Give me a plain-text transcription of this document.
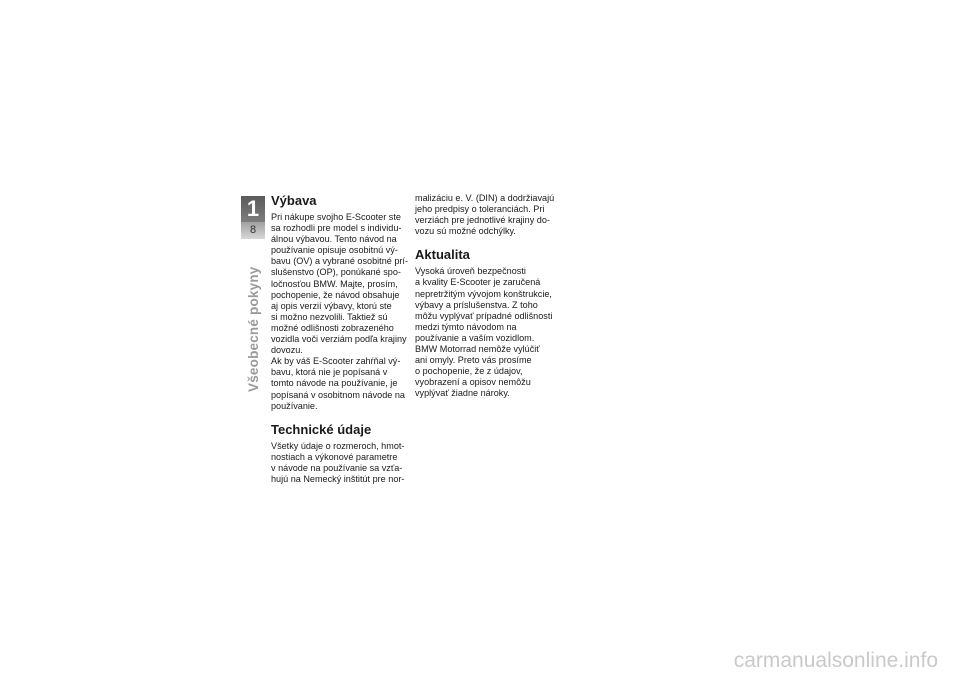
1
8
Všeobecné pokyny
Výbava
Pri nákupe svojho E-Scooter ste
sa rozhodli pre model s individu-
álnou výbavou. Tento návod na
používanie opisuje osobitnú vý-
bavu (OV) a vybrané osobitné prí-
slušenstvo (OP), ponúkané spo-
ločnosťou BMW. Majte, prosím,
pochopenie, že návod obsahuje
aj opis verzií výbavy, ktorú ste
si možno nezvolili. Taktiež sú
možné odlišnosti zobrazeného
vozidla voči verziám podľa krajiny
dovozu.
Ak by váš E-Scooter zahŕňal vý-
bavu, ktorá nie je popísaná v
tomto návode na používanie, je
popísaná v osobitnom návode na
používanie.
Technické údaje
Všetky údaje o rozmeroch, hmot-
nostiach a výkonové parametre
v návode na používanie sa vzťa-
hujú na Nemecký inštitút pre nor-
malizáciu e. V. (DIN) a dodržiavajú
jeho predpisy o toleranciách. Pri
verziách pre jednotlivé krajiny do-
vozu sú možné odchýlky.
Aktualita
Vysoká úroveň bezpečnosti
a kvality E-Scooter je zaručená
nepretržitým vývojom konštrukcie,
výbavy a príslušenstva. Z toho
môžu vyplývať prípadné odlišnosti
medzi týmto návodom na
používanie a vaším vozidlom.
BMW Motorrad nemôže vylúčiť
ani omyly. Preto vás prosíme
o pochopenie, že z údajov,
vyobrazení a opisov nemôžu
vyplývať žiadne nároky.
carmanualsonline.info
